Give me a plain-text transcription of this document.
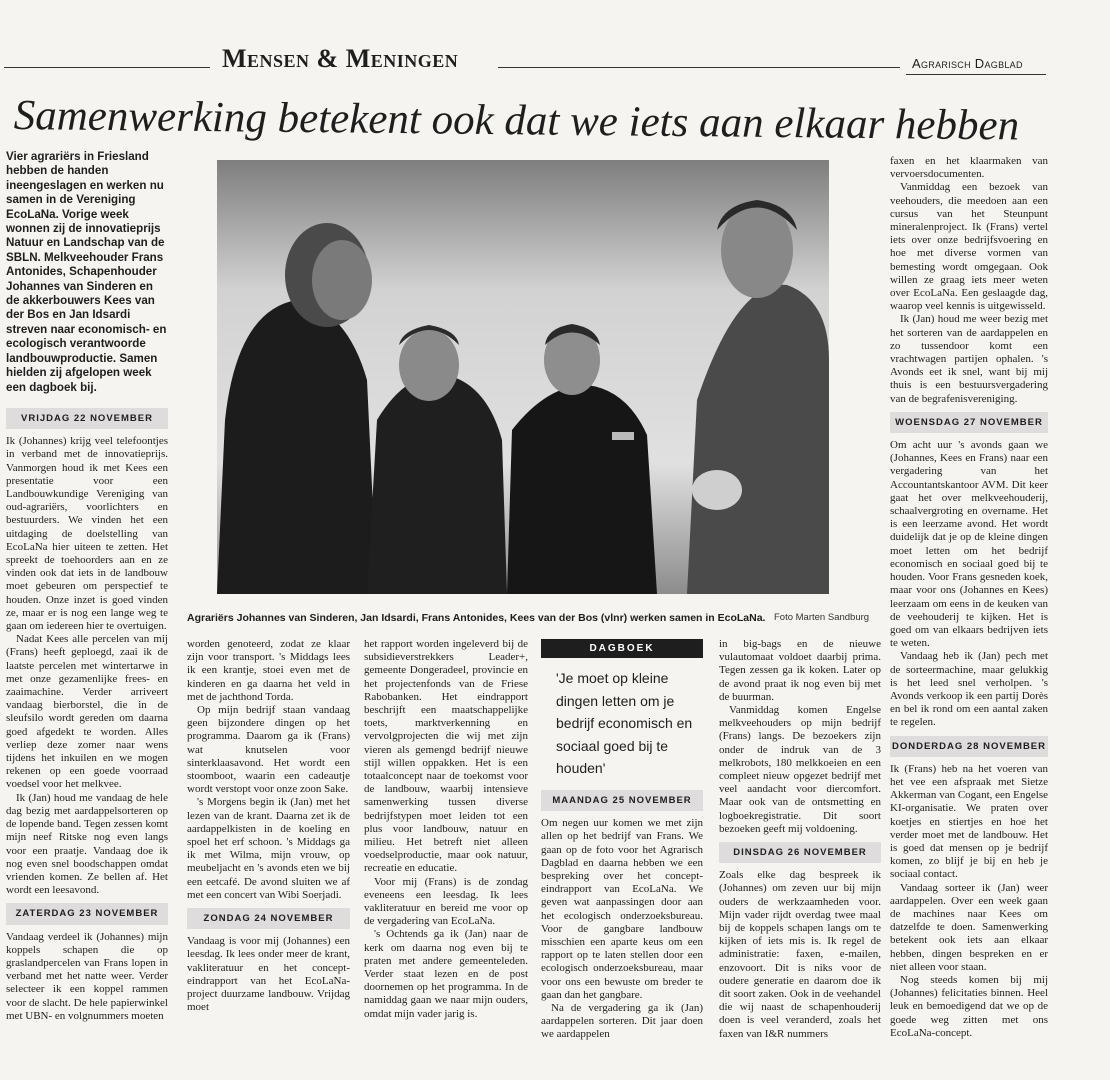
Mensen & Meningen	Agrarisch Dagblad
Samenwerking betekent ook dat we iets aan elkaar hebben
Vier agrariërs in Friesland hebben de handen ineengeslagen en werken nu samen in de Vereniging EcoLaNa. Vorige week wonnen zij de innovatieprijs Natuur en Landschap van de SBLN. Melkveehouder Frans Antonides, Schapenhouder Johannes van Sinderen en de akkerbouwers Kees van der Bos en Jan Idsardi streven naar economisch- en ecologisch verantwoorde landbouwproductie. Samen hielden zij afgelopen week een dagboek bij.
Agrariërs Johannes van Sinderen, Jan Idsardi, Frans Antonides, Kees van der Bos (vlnr) werken samen in EcoLaNa. Foto Marten Sandburg
VRIJDAG 22 NOVEMBER

Ik (Johannes) krijg veel telefoontjes in verband met de innovatieprijs. Vanmorgen houd ik met Kees een presentatie voor een Landbouwkundige Vereniging van oud-agrariërs, voorlichters en bestuurders. We vinden het een uitdaging de doelstelling van EcoLaNa hier uiteen te zetten. Het spreekt de toehoorders aan en ze vinden ook dat iets in de landbouw moet gebeuren om perspectief te houden. Onze inzet is goed vinden ze, maar er is nog een lange weg te gaan om iedereen hier te overtuigen.

Nadat Kees alle percelen van mij (Frans) heeft geploegd, zaai ik de laatste percelen met wintertarwe in met onze gezamenlijke frees- en zaaimachine. Verder arriveert vandaag bierborstel, die in de sleufsilo wordt gereden om daarna goed afgedekt te worden. Alles verliep deze zomer naar wens tijdens het inkuilen en we mogen rekenen op een goede voorraad voedsel voor het melkvee.

Ik (Jan) houd me vandaag de hele dag bezig met aardappelsorteren op de lopende band. Tegen zessen komt mijn neef Ritske nog even langs voor een praatje. Vandaag doe ik nog even snel boodschappen omdat vrienden komen. Ze bellen af. Het wordt een leesavond.

ZATERDAG 23 NOVEMBER

Vandaag verdeel ik (Johannes) mijn koppels schapen die op graslandpercelen van Frans lopen in verband met het natte weer. Verder selecteer ik een koppel rammen voor de slacht. De hele papierwinkel met UBN- en volgnummers moeten

worden genoteerd, zodat ze klaar zijn voor transport. 's Middags lees ik een krantje, stoei even met de kinderen en ga daarna het veld in met de jachthond Torda.

Op mijn bedrijf staan vandaag geen bijzondere dingen op het programma. Daarom ga ik (Frans) wat knutselen voor sinterklaasavond. Het wordt een stoomboot, waarin een cadeautje wordt verstopt voor onze zoon Sake.

's Morgens begin ik (Jan) met het lezen van de krant. Daarna zet ik de aardappelkisten in de koeling en spoel het erf schoon. 's Middags ga ik met Wilma, mijn vrouw, op meubeljacht en 's avonds eten we bij een eetcafé. De avond sluiten we af met een concert van Wibi Soerjadi.

ZONDAG 24 NOVEMBER

Vandaag is voor mij (Johannes) een leesdag. Ik lees onder meer de krant, vakliteratuur en het concept-eindrapport van het EcoLaNa-project duurzame landbouw. Vrijdag moet

het rapport worden ingeleverd bij de subsidieverstrekkers Leader+, gemeente Dongeradeel, provincie en het projectenfonds van de Friese Rabobanken. Het eindrapport beschrijft een maatschappelijke toets, marktverkenning en vervolgprojecten die wij met zijn vieren als gemengd bedrijf nieuwe stijl willen oppakken. Het is een totaalconcept naar de toekomst voor de landbouw, waarbij intensieve samenwerking tussen diverse bedrijfstypen moet leiden tot een plus voor landbouw, natuur en milieu. Het betreft niet alleen voedselproductie, maar ook natuur, recreatie en educatie.

Voor mij (Frans) is de zondag eveneens een leesdag. Ik lees vakliteratuur en bereid me voor op de vergadering van EcoLaNa.

's Ochtends ga ik (Jan) naar de kerk om daarna nog even bij te praten met andere gemeenteleden. Verder staat lezen en de post doornemen op het programma. In de namiddag gaan we naar mijn ouders, omdat mijn vader jarig is.

DAGBOEK
'Je moet op kleine dingen letten om je bedrijf economisch en sociaal goed bij te houden'
MAANDAG 25 NOVEMBER

Om negen uur komen we met zijn allen op het bedrijf van Frans. We gaan op de foto voor het Agrarisch Dagblad en daarna hebben we een bespreking over het concept-eindrapport van EcoLaNa. We geven wat aanpassingen door aan het ecologisch onderzoeksbureau. Voor de gangbare landbouw misschien een aparte keus om een rapport op te laten stellen door een ecologisch onderzoeksbureau, maar voor ons een bewuste om breder te gaan dan het gangbare.

Na de vergadering ga ik (Jan) aardappelen sorteren. Dit jaar doen we aardappelen

in big-bags en de nieuwe vulautomaat voldoet daarbij prima. Tegen zessen ga ik koken. Later op de avond praat ik nog even bij met de buurman.

Vanmiddag komen Engelse melkveehouders op mijn bedrijf (Frans) langs. De bezoekers zijn onder de indruk van de 3 melkrobots, 180 melkkoeien en een compleet nieuw opgezet bedrijf met veel aandacht voor diercomfort. Maar ook van de ontsmetting en logboekregistratie. Dit soort bezoeken geeft mij voldoening.

DINSDAG 26 NOVEMBER

Zoals elke dag bespreek ik (Johannes) om zeven uur bij mijn ouders de werkzaamheden voor. Mijn vader rijdt overdag twee maal bij de koppels schapen langs om te kijken of iets mis is. Ik regel de administratie: faxen, e-mailen, enzovoort. Dit is niks voor de oudere generatie en daarom doe ik dit soort zaken. Ook in de veehandel die wij naast de schapenhouderij doen is veel veranderd, zoals het faxen van I&R nummers

faxen en het klaarmaken van vervoersdocumenten.

Vanmiddag een bezoek van veehouders, die meedoen aan een cursus van het Steunpunt mineralenproject. Ik (Frans) vertel iets over onze bedrijfsvoering en hoe met diverse vormen van bemesting wordt omgegaan. Ook willen ze graag iets meer weten over EcoLaNa. Een geslaagde dag, waarop veel kennis is uitgewisseld.

Ik (Jan) houd me weer bezig met het sorteren van de aardappelen en zo tussendoor komt een vrachtwagen partijen ophalen. 's Avonds eet ik snel, want bij mij thuis is een bestuursvergadering van de begrafenisvereniging.

WOENSDAG 27 NOVEMBER

Om acht uur 's avonds gaan we (Johannes, Kees en Frans) naar een vergadering van het Accountantskantoor AVM. Dit keer gaat het over melkveehouderij, schaalvergroting en overname. Het is een leerzame avond. Het wordt duidelijk dat je op de kleine dingen moet letten om het bedrijf economisch en sociaal goed bij te houden. Voor Frans gesneden koek, maar voor ons (Johannes en Kees) leerzaam om eens in de keuken van de veehouderij te kijken. Het is goed om van elkaars bedrijven iets te weten.

Vandaag heb ik (Jan) pech met de sorteermachine, maar gelukkig is het leed snel verholpen. 's Avonds verkoop ik een partij Dorès en bel ik rond om een aantal zaken te regelen.

DONDERDAG 28 NOVEMBER

Ik (Frans) heb na het voeren van het vee een afspraak met Sietze Akkerman van Cogant, een Engelse KI-organisatie. We praten over koetjes en stiertjes en hoe het verder moet met de landbouw. Het is goed dat mensen op je bedrijf komen, zo blijf je bij en heb je sociaal contact.

Vandaag sorteer ik (Jan) weer aardappelen. Over een week gaan de machines naar Kees om datzelfde te doen. Samenwerking betekent ook iets aan elkaar hebben, dingen bespreken en er niet alleen voor staan.

Nog steeds komen bij mij (Johannes) felicitaties binnen. Heel leuk en bemoedigend dat we op de goede weg zitten met ons EcoLaNa-concept.
